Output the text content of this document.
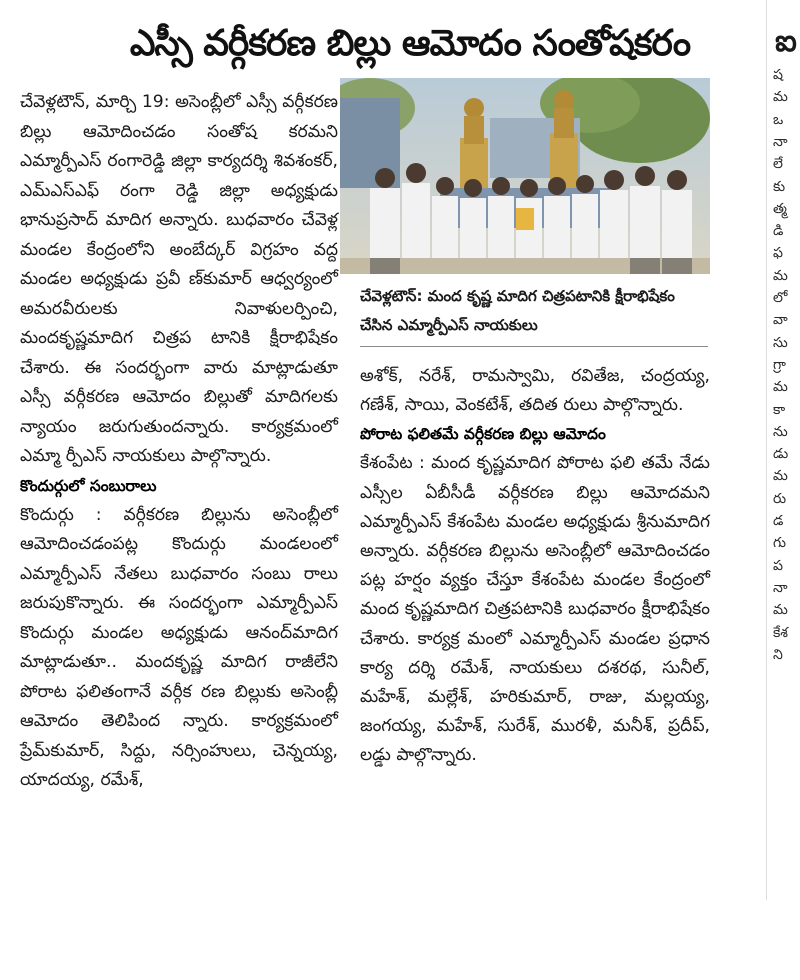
ఎస్సీ వర్గీకరణ బిల్లు ఆమోదం సంతోషకరం

చేవెళ్లటౌన్‌, మార్చి 19: అసెంబ్లీలో ఎస్సీ వర్గీకరణ బిల్లు ఆమోదించడం సంతోష కరమని ఎమ్మార్పీఎస్‌ రంగారెడ్డి జిల్లా కార్యదర్శి శివశంకర్‌, ఎమ్‌ఎస్‌ఎఫ్‌ రంగా రెడ్డి జిల్లా అధ్యక్షుడు భానుప్రసాద్‌ మాదిగ అన్నారు. బుధవారం చేవెళ్ల మండల కేంద్రంలోని అంబేద్కర్‌ విగ్రహం వద్ద మండల అధ్యక్షుడు ప్రవీ ణ్‌కుమార్‌ ఆధ్వర్యంలో అమరవీరులకు నివాళులర్పించి, మందకృష్ణమాదిగ చిత్రప టానికి క్షీరాభిషేకం చేశారు. ఈ సందర్భంగా వారు మాట్లాడుతూ ఎస్సీ వర్గీకరణ ఆమోదం బిల్లుతో మాదిగలకు న్యాయం జరుగుతుందన్నారు. కార్యక్రమంలో ఎమ్మా ర్పీఎస్‌ నాయకులు పాల్గొన్నారు.

కొందుర్గులో సంబురాలు

కొందుర్గు : వర్గీకరణ బిల్లును అసెంబ్లీలో ఆమోదించడంపట్ల కొందుర్గు మండలంలో ఎమ్మార్పీఎస్‌ నేతలు బుధవారం సంబు రాలు జరుపుకొన్నారు. ఈ సందర్భంగా ఎమ్మార్పీఎస్‌ కొందుర్గు మండల అధ్యక్షుడు ఆనంద్‌మాదిగ మాట్లాడుతూ.. మందకృష్ణ మాదిగ రాజీలేని పోరాట ఫలితంగానే వర్గీక రణ బిల్లుకు అసెంబ్లీ ఆమోదం తెలిపింద న్నారు. కార్యక్రమంలో ప్రేమ్‌కుమార్‌, సిద్దు, నర్సింహులు, చెన్నయ్య, యాదయ్య, రమేశ్‌,

చేవెళ్లటౌన్‌: మంద కృష్ణ మాదిగ చిత్రపటానికి క్షీరాభిషేకం చేసిన ఎమ్మార్పీఎస్‌ నాయకులు

అశోక్‌, నరేశ్‌, రామస్వామి, రవితేజ, చంద్రయ్య, గణేశ్‌, సాయి, వెంకటేశ్‌, తదిత రులు పాల్గొన్నారు.

పోరాట ఫలితమే వర్గీకరణ బిల్లు ఆమోదం

కేశంపేట : మంద కృష్ణమాదిగ పోరాట ఫలి తమే నేడు ఎస్సీల ఏబీసీడీ వర్గీకరణ బిల్లు ఆమోదమని ఎమ్మార్పీఎస్‌ కేశంపేట మండల అధ్యక్షుడు శ్రీనుమాదిగ అన్నారు. వర్గీకరణ బిల్లును అసెంబ్లీలో ఆమోదించడం పట్ల హర్షం వ్యక్తం చేస్తూ కేశంపేట మండల కేంద్రంలో మంద కృష్ణమాదిగ చిత్రపటానికి బుధవారం క్షీరాభిషేకం చేశారు. కార్యక్ర మంలో ఎమ్మార్పీఎస్‌ మండల ప్రధాన కార్య దర్శి రమేశ్‌, నాయకులు దశరథ, సునీల్‌, మహేశ్‌, మల్లేశ్‌, హరికుమార్‌, రాజు, మల్లయ్య, జంగయ్య, మహేశ్‌, సురేశ్‌, మురళీ, మనీశ్‌, ప్రదీప్‌, లడ్డు పాల్గొన్నారు.

ఐ
ష
మ
ఒ
నా
లే
కు
త్మ
డి
ఫ
మ
లో
వా
సు
గ్రా
మ
కా
ను
డు
మ
రు
డ
గు
ప
నా
మ
కేశ
ని
